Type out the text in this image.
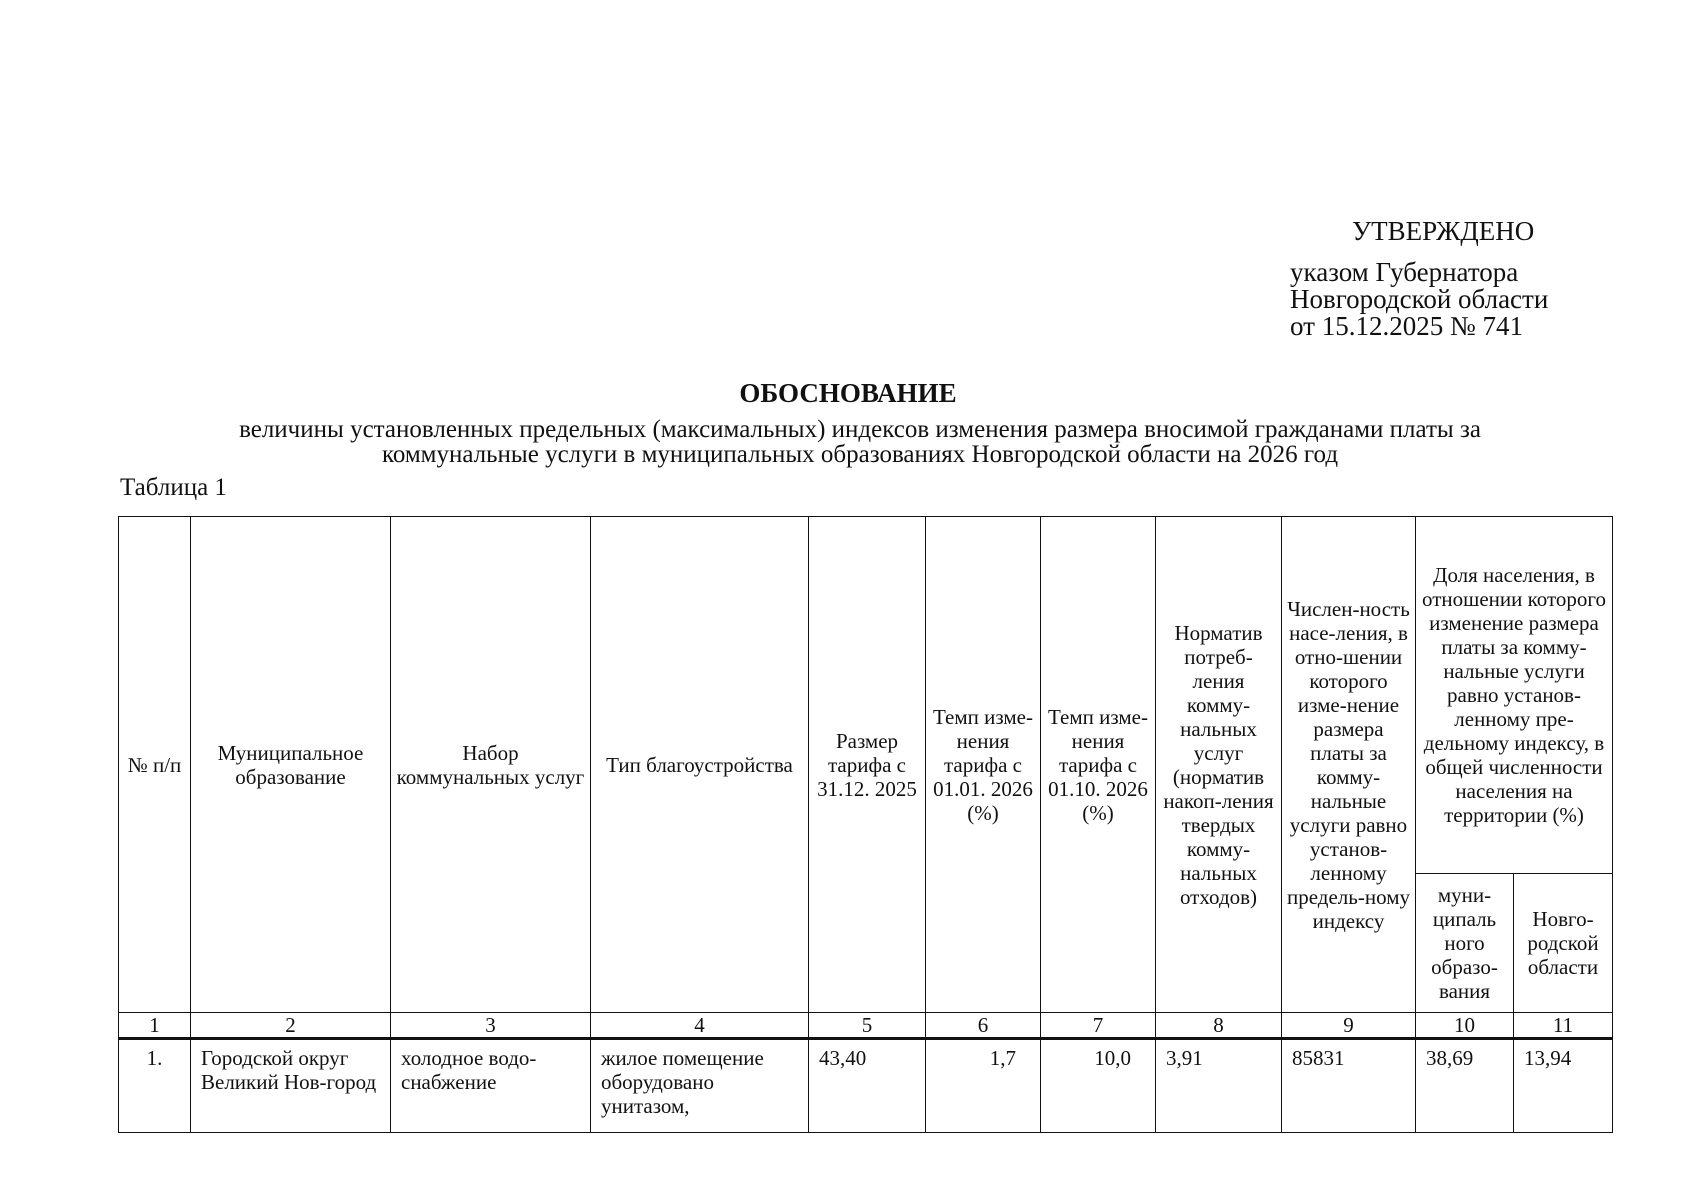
УТВЕРЖДЕНО
указом Губернатора
Новгородской области
от 15.12.2025 № 741
ОБОСНОВАНИЕ
величины установленных предельных (максимальных) индексов изменения размера вносимой гражданами платы за
коммунальные услуги в муниципальных образованиях Новгородской области на 2026 год
Таблица 1
№ п/п	Муниципальное образование	Набор коммунальных услуг	Тип благоустройства	Размер тарифа с 31.12. 2025	Темп изме-нения тарифа с 01.01. 2026 (%)	Темп изме-нения тарифа с 01.10. 2026 (%)	Норматив потреб-ления комму-нальных услуг (норматив накоп-ления твердых комму-нальных отходов)	Числен-ность насе-ления, в отно-шении которого изме-нение размера платы за комму-нальные услуги равно установ-ленному предель-ному индексу	Доля населения, в отношении которого изменение размера платы за комму-нальные услуги равно установ-ленному пре-дельному индексу, в общей численности населения на территории (%)	
									муни-ципаль ного образо-вания	Новго-родской области
1	2	3	4	5	6	7	8	9	10	11
1.	Городской округ Великий Нов-город	холодное водо-снабжение	жилое помещение оборудовано унитазом,	43,40	1,7	10,0	3,91	85831	38,69	13,94
